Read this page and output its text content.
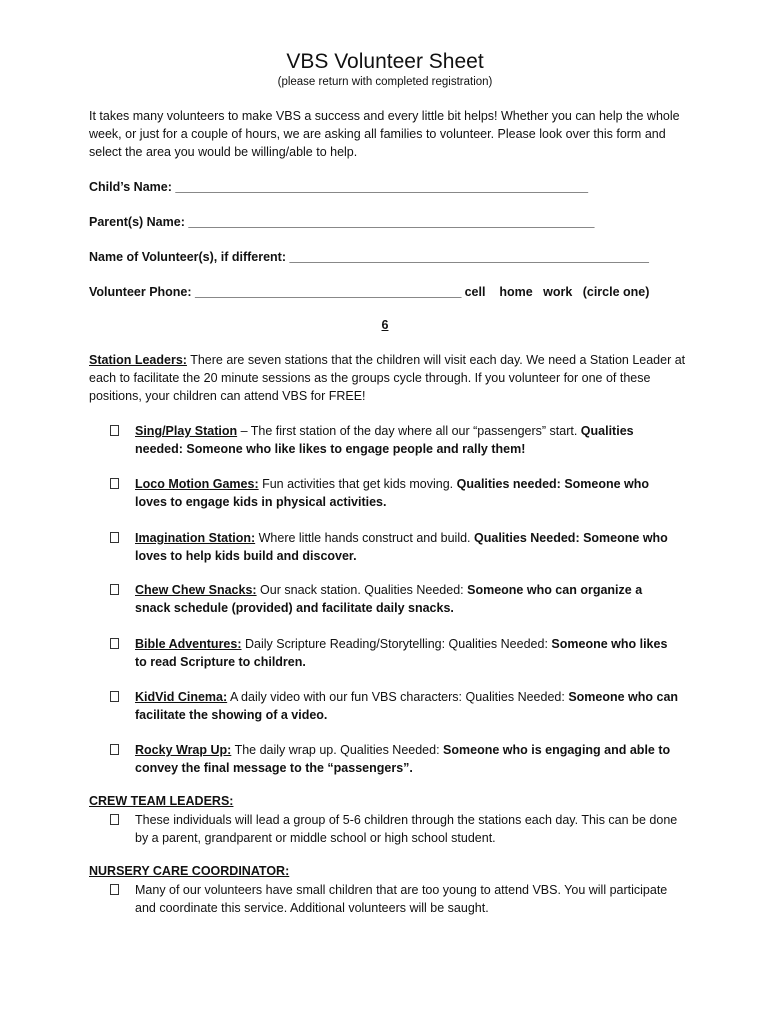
VBS Volunteer Sheet
(please return with completed registration)
It takes many volunteers to make VBS a success and every little bit helps! Whether you can help the whole week, or just for a couple of hours, we are asking all families to volunteer. Please look over this form and select the area you would be willing/able to help.
Child’s Name: ______________________________________________________________
Parent(s) Name: _____________________________________________________________
Name of Volunteer(s), if different: ______________________________________________________
Volunteer Phone: ________________________________________ cell    home   work   (circle one)
6
Station Leaders: There are seven stations that the children will visit each day. We need a Station Leader at each to facilitate the 20 minute sessions as the groups cycle through. If you volunteer for one of these positions, your children can attend VBS for FREE!
Sing/Play Station – The first station of the day where all our “passengers” start. Qualities needed: Someone who like likes to engage people and rally them!
Loco Motion Games: Fun activities that get kids moving. Qualities needed: Someone who loves to engage kids in physical activities.
Imagination Station: Where little hands construct and build. Qualities Needed: Someone who loves to help kids build and discover.
Chew Chew Snacks: Our snack station. Qualities Needed: Someone who can organize a snack schedule (provided) and facilitate daily snacks.
Bible Adventures: Daily Scripture Reading/Storytelling: Qualities Needed: Someone who likes to read Scripture to children.
KidVid Cinema: A daily video with our fun VBS characters: Qualities Needed: Someone who can facilitate the showing of a video.
Rocky Wrap Up: The daily wrap up. Qualities Needed: Someone who is engaging and able to convey the final message to the “passengers”.
CREW TEAM LEADERS:
These individuals will lead a group of 5-6 children through the stations each day. This can be done by a parent, grandparent or middle school or high school student.
NURSERY CARE COORDINATOR:
Many of our volunteers have small children that are too young to attend VBS. You will participate and coordinate this service. Additional volunteers will be saught.
